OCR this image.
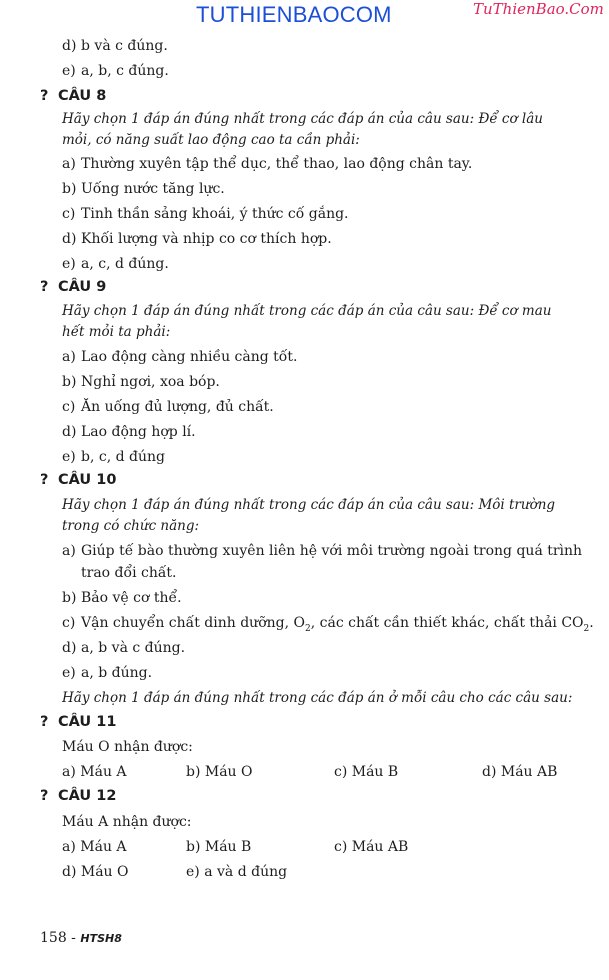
TUTHIENBAOCOM	TuThienBao.Com
d) b và c đúng.
e) a, b, c đúng.
? CÂU 8
Hãy chọn 1 đáp án đúng nhất trong các đáp án của câu sau: Để cơ lâu
mỏi, có năng suất lao động cao ta cần phải:
a) Thường xuyên tập thể dục, thể thao, lao động chân tay.
b) Uống nước tăng lực.
c) Tinh thần sảng khoái, ý thức cố gắng.
d) Khối lượng và nhịp co cơ thích hợp.
e) a, c, d đúng.
? CÂU 9
Hãy chọn 1 đáp án đúng nhất trong các đáp án của câu sau: Để cơ mau
hết mỏi ta phải:
a) Lao động càng nhiều càng tốt.
b) Nghỉ ngơi, xoa bóp.
c) Ăn uống đủ lượng, đủ chất.
d) Lao động hợp lí.
e) b, c, d đúng
? CÂU 10
Hãy chọn 1 đáp án đúng nhất trong các đáp án của câu sau: Môi trường
trong có chức năng:
a) Giúp tế bào thường xuyên liên hệ với môi trường ngoài trong quá trình
trao đổi chất.
b) Bảo vệ cơ thể.
c) Vận chuyển chất dinh dưỡng, $O_2$, các chất cần thiết khác, chất thải $CO_2$.
d) a, b và c đúng.
e) a, b đúng.
Hãy chọn 1 đáp án đúng nhất trong các đáp án ở mỗi câu cho các câu sau:
? CÂU 11
Máu O nhận được:
a) Máu A	b) Máu O	c) Máu B	d) Máu AB
? CÂU 12
Máu A nhận được:
a) Máu A	b) Máu B	c) Máu AB
d) Máu O	e) a và d đúng
158 - HTSH8
